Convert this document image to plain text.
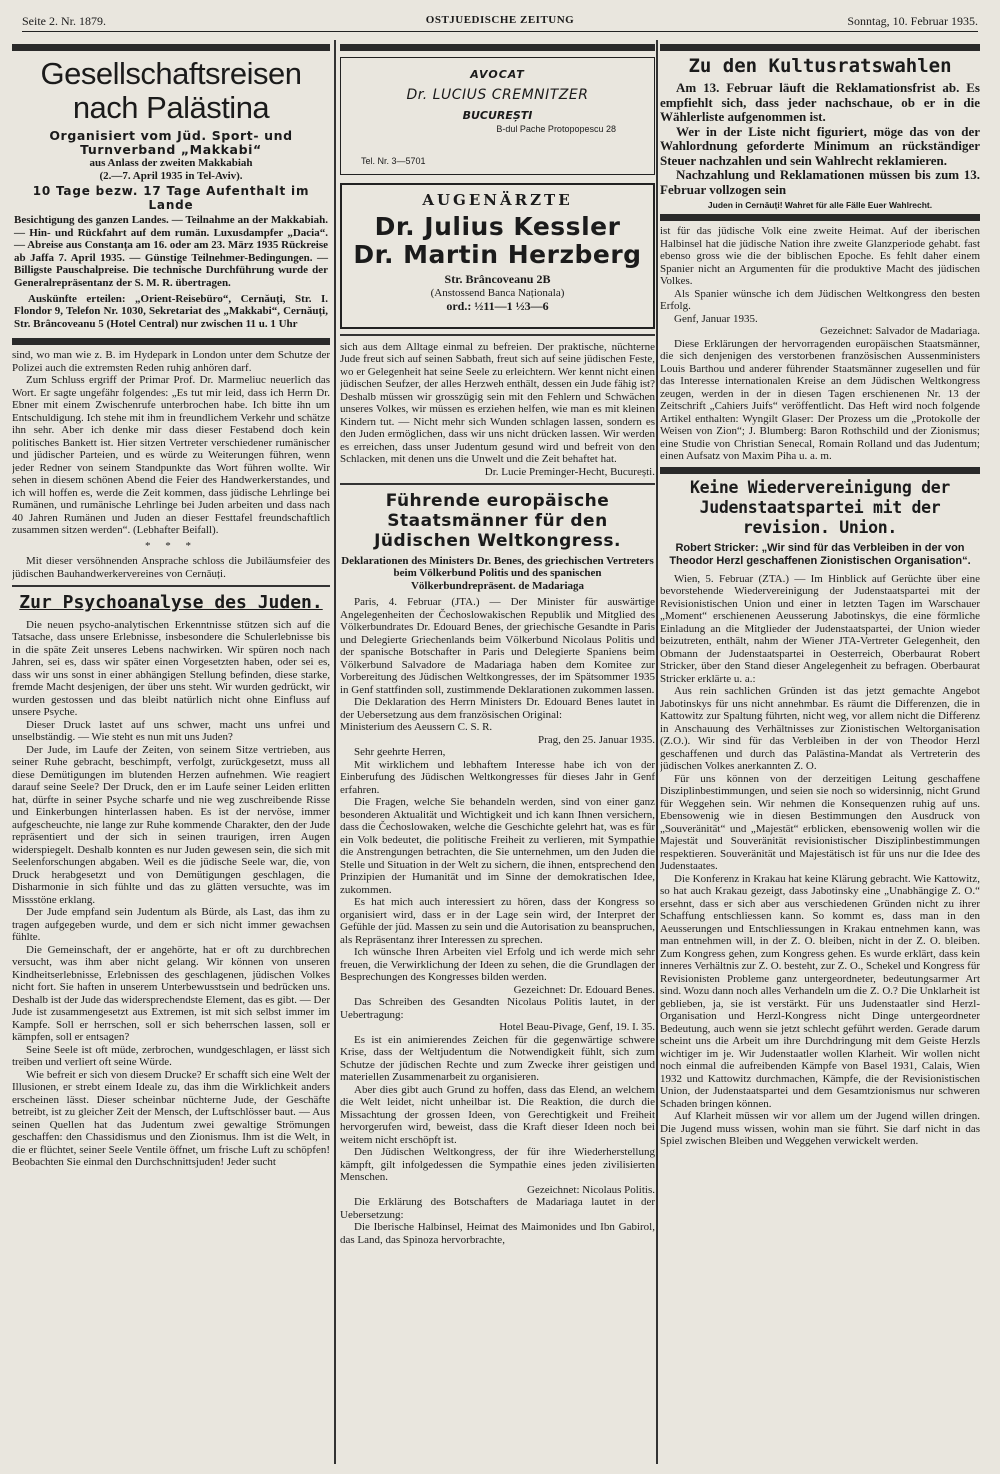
Seite 2. Nr. 1879.	OSTJUEDISCHE ZEITUNG	Sonntag, 10. Februar 1935.
Gesellschaftsreisen
nach Palästina
Organisiert vom Jüd. Sport- und Turnverband „Makkabi“
aus Anlass der zweiten Makkabiah
(2.—7. April 1935 in Tel-Aviv).
10 Tage bezw. 17 Tage Aufenthalt im Lande
Besichtigung des ganzen Landes. — Teilnahme an der Makkabiah. — Hin- und Rückfahrt auf dem rumän. Luxusdampfer „Dacia“. — Abreise aus Constanța am 16. oder am 23. März 1935 Rückreise ab Jaffa 7. April 1935. — Günstige Teilnehmer-Bedingungen. — Billigste Pauschalpreise. Die technische Durchführung wurde der Generalrepräsentanz der S. M. R. übertragen.
Auskünfte erteilen: „Orient-Reisebüro“, Cernăuți, Str. I. Flondor 9, Telefon Nr. 1030, Sekretariat des „Makkabi“, Cernăuți, Str. Brâncoveanu 5 (Hotel Central) nur zwischen 11 u. 1 Uhr

sind, wo man wie z. B. im Hydepark in London unter dem Schutze der Polizei auch die extremsten Reden ruhig anhören darf.

Zum Schluss ergriff der Primar Prof. Dr. Marmeliuc neuerlich das Wort. Er sagte ungefähr folgendes: „Es tut mir leid, dass ich Herrn Dr. Ebner mit einem Zwischenrufe unterbrochen habe. Ich bitte ihn um Entschuldigung. Ich stehe mit ihm in freundlichem Verkehr und schätze ihn sehr. Aber ich denke mir dass dieser Festabend doch kein politisches Bankett ist. Hier sitzen Vertreter verschiedener rumänischer und jüdischer Parteien, und es würde zu Weiterungen führen, wenn jeder Redner von seinem Standpunkte das Wort führen wollte. Wir sehen in diesem schönen Abend die Feier des Handwerkerstandes, und ich will hoffen es, werde die Zeit kommen, dass jüdische Lehrlinge bei Rumänen, und rumänische Lehrlinge bei Juden arbeiten und dass nach 40 Jahren Rumänen und Juden an dieser Festtafel freundschaftlich zusammen sitzen werden“. (Lebhafter Beifall).

* * *

Mit dieser versöhnenden Ansprache schloss die Jubiläumsfeier des jüdischen Bauhandwerkervereines von Cernăuți.

Zur Psychoanalyse des Juden.

Die neuen psycho-analytischen Erkenntnisse stützen sich auf die Tatsache, dass unsere Erlebnisse, insbesondere die Schulerlebnisse bis in die späte Zeit unseres Lebens nachwirken. Wir spüren noch nach Jahren, sei es, dass wir später einen Vorgesetzten haben, oder sei es, dass wir uns sonst in einer abhängigen Stellung befinden, diese starke, fremde Macht desjenigen, der über uns steht. Wir wurden gedrückt, wir wurden gestossen und das bleibt natürlich nicht ohne Einfluss auf unsere Psyche.

Dieser Druck lastet auf uns schwer, macht uns unfrei und unselbständig. — Wie steht es nun mit uns Juden?

Der Jude, im Laufe der Zeiten, von seinem Sitze vertrieben, aus seiner Ruhe gebracht, beschimpft, verfolgt, zurückgesetzt, muss all diese Demütigungen im blutenden Herzen aufnehmen. Wie reagiert darauf seine Seele? Der Druck, den er im Laufe seiner Leiden erlitten hat, dürfte in seiner Psyche scharfe und nie weg zuschreibende Risse und Einkerbungen hinterlassen haben. Es ist der nervöse, immer aufgescheuchte, nie lange zur Ruhe kommende Charakter, den der Jude repräsentiert und der sich in seinen traurigen, irren Augen widerspiegelt. Deshalb konnten es nur Juden gewesen sein, die sich mit Seelenforschungen abgaben. Weil es die jüdische Seele war, die, von Druck herabgesetzt und von Demütigungen geschlagen, die Disharmonie in sich fühlte und das zu glätten versuchte, was im Missstöne erklang.

Der Jude empfand sein Judentum als Bürde, als Last, das ihm zu tragen aufgegeben wurde, und dem er sich nicht immer gewachsen fühlte.

Die Gemeinschaft, der er angehörte, hat er oft zu durchbrechen versucht, was ihm aber nicht gelang. Wir können von unseren Kindheitserlebnisse, Erlebnissen des geschlagenen, jüdischen Volkes nicht fort. Sie haften in unserem Unterbewusstsein und bedrücken uns. Deshalb ist der Jude das widersprechendste Element, das es gibt. — Der Jude ist zusammengesetzt aus Extremen, ist mit sich selbst immer im Kampfe. Soll er herrschen, soll er sich beherrschen lassen, soll er kämpfen, soll er entsagen?

Seine Seele ist oft müde, zerbrochen, wundgeschlagen, er lässt sich treiben und verliert oft seine Würde.

Wie befreit er sich von diesem Drucke? Er schafft sich eine Welt der Illusionen, er strebt einem Ideale zu, das ihm die Wirklichkeit anders erscheinen lässt. Dieser scheinbar nüchterne Jude, der Geschäfte betreibt, ist zu gleicher Zeit der Mensch, der Luftschlösser baut. — Aus seinen Quellen hat das Judentum zwei gewaltige Strömungen geschaffen: den Chassidismus und den Zionismus. Ihm ist die Welt, in die er flüchtet, seiner Seele Ventile öffnet, um frische Luft zu schöpfen! Beobachten Sie einmal den Durchschnittsjuden! Jeder sucht

AVOCAT
Dr. LUCIUS CREMNITZER
BUCUREȘTI
B-dul Pache Protopopescu 28
Tel. Nr. 3—5701
AUGENÄRZTE
Dr. Julius Kessler
Dr. Martin Herzberg
Str. Brâncoveanu 2B
(Anstossend Banca Naționala)
ord.: ½11—1 ½3—6

sich aus dem Alltage einmal zu befreien. Der praktische, nüchterne Jude freut sich auf seinen Sabbath, freut sich auf seine jüdischen Feste, wo er Gelegenheit hat seine Seele zu erleichtern. Wer kennt nicht einen jüdischen Seufzer, der alles Herzweh enthält, dessen ein Jude fähig ist? Deshalb müssen wir grosszügig sein mit den Fehlern und Schwächen unseres Volkes, wir müssen es erziehen helfen, wie man es mit kleinen Kindern tut. — Nicht mehr sich Wunden schlagen lassen, sondern es den Juden ermöglichen, dass wir uns nicht drücken lassen. Wir werden es erreichen, dass unser Judentum gesund wird und befreit von den Schlacken, mit denen uns die Unwelt und die Zeit behaftet hat.

Dr. Lucie Preminger-Hecht, București.

Führende europäische Staatsmänner für den Jüdischen Weltkongress.
Deklarationen des Ministers Dr. Benes, des griechischen Vertreters beim Völkerbund Politis und des spanischen Völkerbundrepräsent. de Madariaga

Paris, 4. Februar (JTA.) — Der Minister für auswärtige Angelegenheiten der Čechoslowakischen Republik und Mitglied des Völkerbundrates Dr. Edouard Benes, der griechische Gesandte in Paris und Delegierte Griechenlands beim Völkerbund Nicolaus Politis und der spanische Botschafter in Paris und Delegierte Spaniens beim Völkerbund Salvadore de Madariaga haben dem Komitee zur Vorbereitung des Jüdischen Weltkongresses, der im Spätsommer 1935 in Genf stattfinden soll, zustimmende Deklarationen zukommen lassen.

Die Deklaration des Herrn Ministers Dr. Edouard Benes lautet in der Uebersetzung aus dem französischen Original:

Ministerium des Aeussern C. S. R.

Prag, den 25. Januar 1935.

Sehr geehrte Herren,

Mit wirklichem und lebhaftem Interesse habe ich von der Einberufung des Jüdischen Weltkongresses für dieses Jahr in Genf erfahren.

Die Fragen, welche Sie behandeln werden, sind von einer ganz besonderen Aktualität und Wichtigkeit und ich kann Ihnen versichern, dass die Čechoslowaken, welche die Geschichte gelehrt hat, was es für ein Volk bedeutet, die politische Freiheit zu verlieren, mit Sympathie die Anstrengungen betrachten, die Sie unternehmen, um den Juden die Stelle und Situation in der Welt zu sichern, die ihnen, entsprechend den Prinzipien der Humanität und im Sinne der demokratischen Idee, zukommen.

Es hat mich auch interessiert zu hören, dass der Kongress so organisiert wird, dass er in der Lage sein wird, der Interpret der Gefühle der jüd. Massen zu sein und die Autorisation zu beanspruchen, als Repräsentanz ihrer Interessen zu sprechen.

Ich wünsche Ihren Arbeiten viel Erfolg und ich werde mich sehr freuen, die Verwirklichung der Ideen zu sehen, die die Grundlagen der Besprechungen des Kongresses bilden werden.

Gezeichnet: Dr. Edouard Benes.

Das Schreiben des Gesandten Nicolaus Politis lautet, in der Uebertragung:

Hotel Beau-Pivage, Genf, 19. I. 35.

Es ist ein animierendes Zeichen für die gegenwärtige schwere Krise, dass der Weltjudentum die Notwendigkeit fühlt, sich zum Schutze der jüdischen Rechte und zum Zwecke ihrer geistigen und materiellen Zusammenarbeit zu organisieren.

Aber dies gibt auch Grund zu hoffen, dass das Elend, an welchem die Welt leidet, nicht unheilbar ist. Die Reaktion, die durch die Missachtung der grossen Ideen, von Gerechtigkeit und Freiheit hervorgerufen wird, beweist, dass die Kraft dieser Ideen noch bei weitem nicht erschöpft ist.

Den Jüdischen Weltkongress, der für ihre Wiederherstellung kämpft, gilt infolgedessen die Sympathie eines jeden zivilisierten Menschen.

Gezeichnet: Nicolaus Politis.

Die Erklärung des Botschafters de Madariaga lautet in der Uebersetzung:

Die Iberische Halbinsel, Heimat des Maimonides und Ibn Gabirol, das Land, das Spinoza hervorbrachte,

Zu den Kultusratswahlen

Am 13. Februar läuft die Reklamationsfrist ab. Es empfiehlt sich, dass jeder nachschaue, ob er in die Wählerliste aufgenommen ist.

Wer in der Liste nicht figuriert, möge das von der Wahlordnung geforderte Minimum an rückständiger Steuer nachzahlen und sein Wahlrecht reklamieren.

Nachzahlung und Reklamationen müssen bis zum 13. Februar vollzogen sein

Juden in Cernăuți! Wahret für alle Fälle Euer Wahlrecht.

ist für das jüdische Volk eine zweite Heimat. Auf der iberischen Halbinsel hat die jüdische Nation ihre zweite Glanzperiode gehabt. fast ebenso gross wie die der biblischen Epoche. Es fehlt daher einem Spanier nicht an Argumenten für die produktive Macht des jüdischen Volkes.

Als Spanier wünsche ich dem Jüdischen Weltkongress den besten Erfolg.

Genf, Januar 1935.

Gezeichnet: Salvador de Madariaga.

Diese Erklärungen der hervorragenden europäischen Staatsmänner, die sich denjenigen des verstorbenen französischen Aussenministers Louis Barthou und anderer führender Staatsmänner zugesellen und für das Interesse internationalen Kreise an dem Jüdischen Weltkongress zeugen, werden in der in diesen Tagen erschienenen Nr. 13 der Zeitschrift „Cahiers Juifs“ veröffentlicht. Das Heft wird noch folgende Artikel enthalten: Wyngilt Glaser: Der Prozess um die „Protokolle der Weisen von Zion“; J. Blumberg: Baron Rothschild und der Zionismus; eine Studie von Christian Senecal, Romain Rolland und das Judentum; einen Aufsatz von Maxim Piha u. a. m.

Keine Wiedervereinigung der Judenstaatspartei mit der revision. Union.
Robert Stricker: „Wir sind für das Verbleiben in der von Theodor Herzl geschaffenen Zionistischen Organisation“.

Wien, 5. Februar (ZTA.) — Im Hinblick auf Gerüchte über eine bevorstehende Wiedervereinigung der Judenstaatspartei mit der Revisionistischen Union und einer in letzten Tagen im Warschauer „Moment“ erschienenen Aeusserung Jabotinskys, die eine förmliche Einladung an die Mitglieder der Judenstaatspartei, der Union wieder beizutreten, enthält, nahm der Wiener JTA-Vertreter Gelegenheit, den Obmann der Judenstaatspartei in Oesterreich, Oberbaurat Robert Stricker, über den Stand dieser Angelegenheit zu befragen. Oberbaurat Stricker erklärte u. a.:

Aus rein sachlichen Gründen ist das jetzt gemachte Angebot Jabotinskys für uns nicht annehmbar. Es räumt die Differenzen, die in Kattowitz zur Spaltung führten, nicht weg, vor allem nicht die Differenz in Anschauung des Verhältnisses zur Zionistischen Weltorganisation (Z.O.). Wir sind für das Verbleiben in der von Theodor Herzl geschaffenen und durch das Palästina-Mandat als Vertreterin des jüdischen Volkes anerkannten Z. O.

Für uns können von der derzeitigen Leitung geschaffene Disziplinbestimmungen, und seien sie noch so widersinnig, nicht Grund für Weggehen sein. Wir nehmen die Konsequenzen ruhig auf uns. Ebensowenig wie in diesen Bestimmungen den Ausdruck von „Souveränität“ und „Majestät“ erblicken, ebensowenig wollen wir die Majestät und Souveränität revisionistischer Disziplinbestimmungen respektieren. Souveränität und Majestätisch ist für uns nur die Idee des Judenstaates.

Die Konferenz in Krakau hat keine Klärung gebracht. Wie Kattowitz, so hat auch Krakau gezeigt, dass Jabotinsky eine „Unabhängige Z. O.“ ersehnt, dass er sich aber aus verschiedenen Gründen nicht zu ihrer Schaffung entschliessen kann. So kommt es, dass man in den Aeusserungen und Entschliessungen in Krakau entnehmen kann, was man entnehmen will, in der Z. O. bleiben, nicht in der Z. O. bleiben. Zum Kongress gehen, zum Kongress gehen. Es wurde erklärt, dass kein inneres Verhältnis zur Z. O. besteht, zur Z. O., Schekel und Kongress für Revisionisten Probleme ganz untergeordneter, bedeutungsarmer Art sind. Wozu dann noch alles Verhandeln um die Z. O.? Die Unklarheit ist geblieben, ja, sie ist verstärkt. Für uns Judenstaatler sind Herzl-Organisation und Herzl-Kongress nicht Dinge untergeordneter Bedeutung, auch wenn sie jetzt schlecht geführt werden. Gerade darum scheint uns die Arbeit um ihre Durchdringung mit dem Geiste Herzls wichtiger im je. Wir Judenstaatler wollen Klarheit. Wir wollen nicht noch einmal die aufreibenden Kämpfe von Basel 1931, Calais, Wien 1932 und Kattowitz durchmachen, Kämpfe, die der Revisionistischen Union, der Judenstaatspartei und dem Gesamtzionismus nur schweren Schaden bringen können.

Auf Klarheit müssen wir vor allem um der Jugend willen dringen. Die Jugend muss wissen, wohin man sie führt. Sie darf nicht in das Spiel zwischen Bleiben und Weggehen verwickelt werden.
